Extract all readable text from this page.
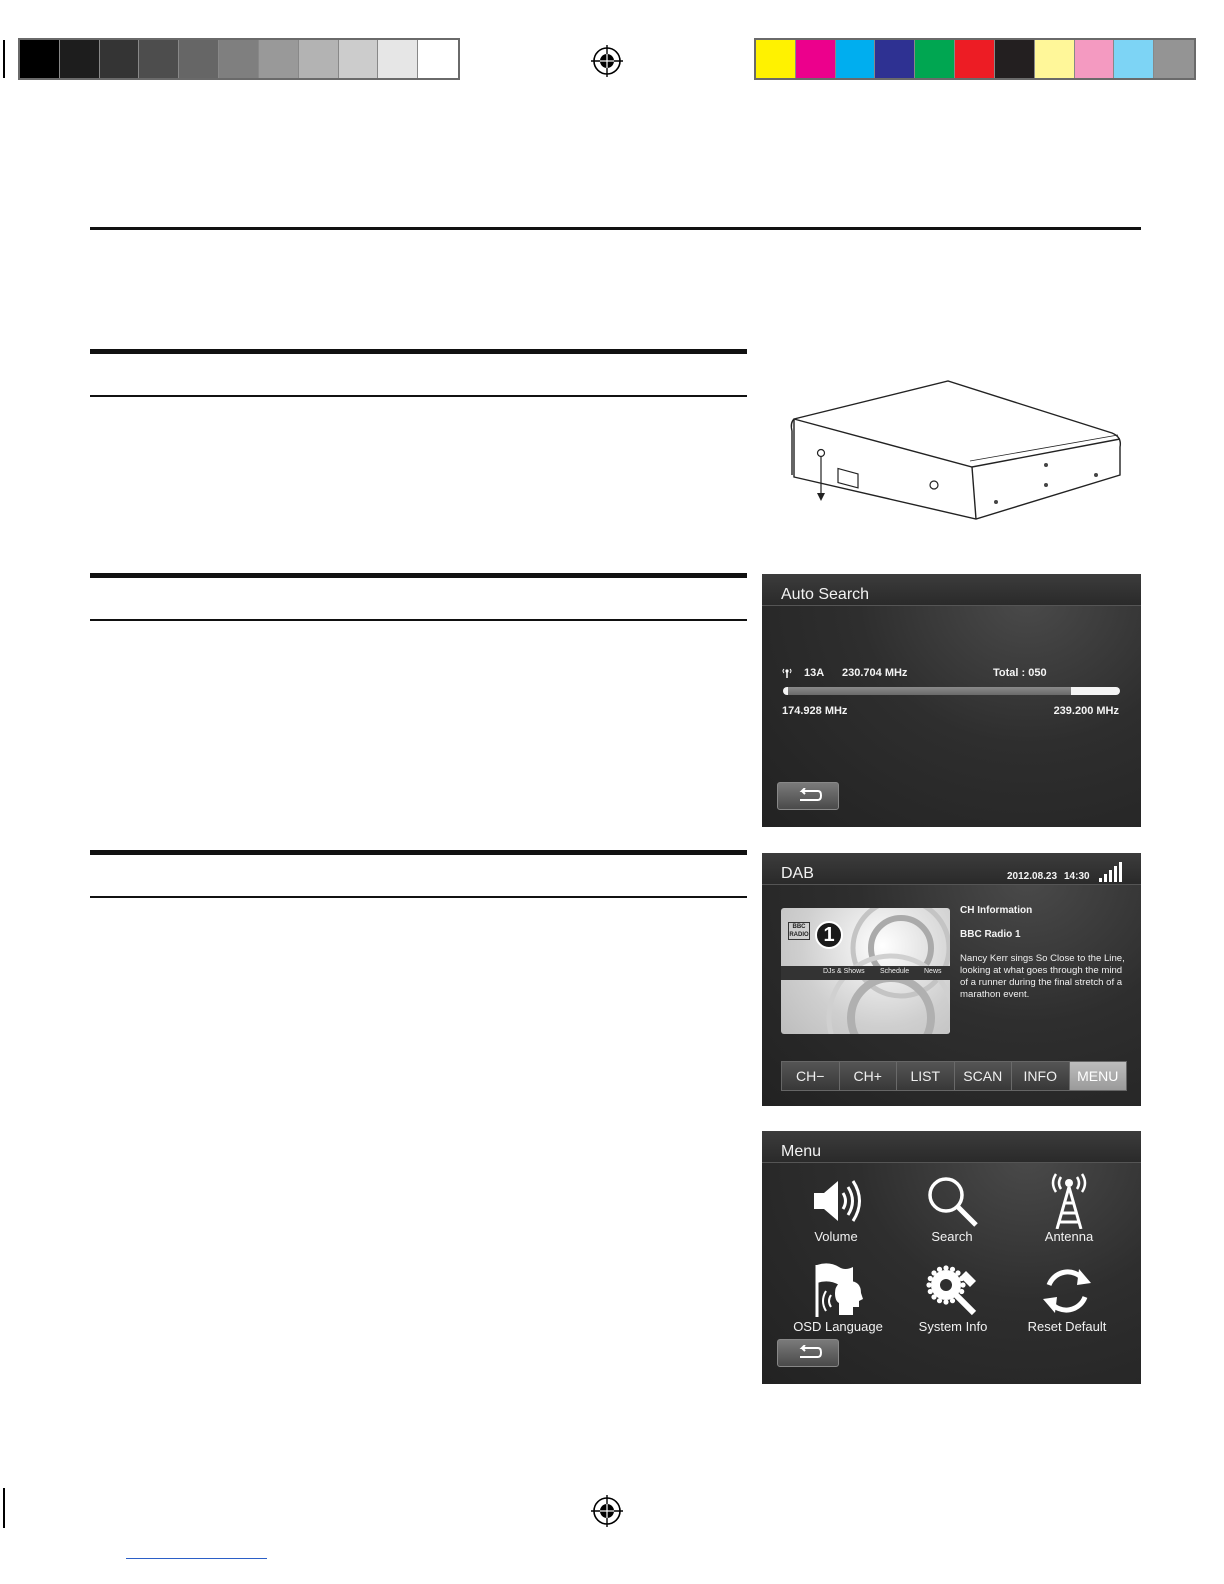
Auto Search
13A 230.704 MHz	Total : 050
174.928 MHz	239.200 MHz
DAB	2012.08.23 14:30
BBC
RADIO 1
DJs & Shows Schedule News
CH Information
BBC Radio 1
Nancy Kerr sings So Close to the Line, looking at what goes through the mind of a runner during the final stretch of a marathon event.
CH−	CH+	LIST	SCAN	INFO	MENU
Menu
Volume	Search	Antenna
OSD Language	System Info	Reset Default
